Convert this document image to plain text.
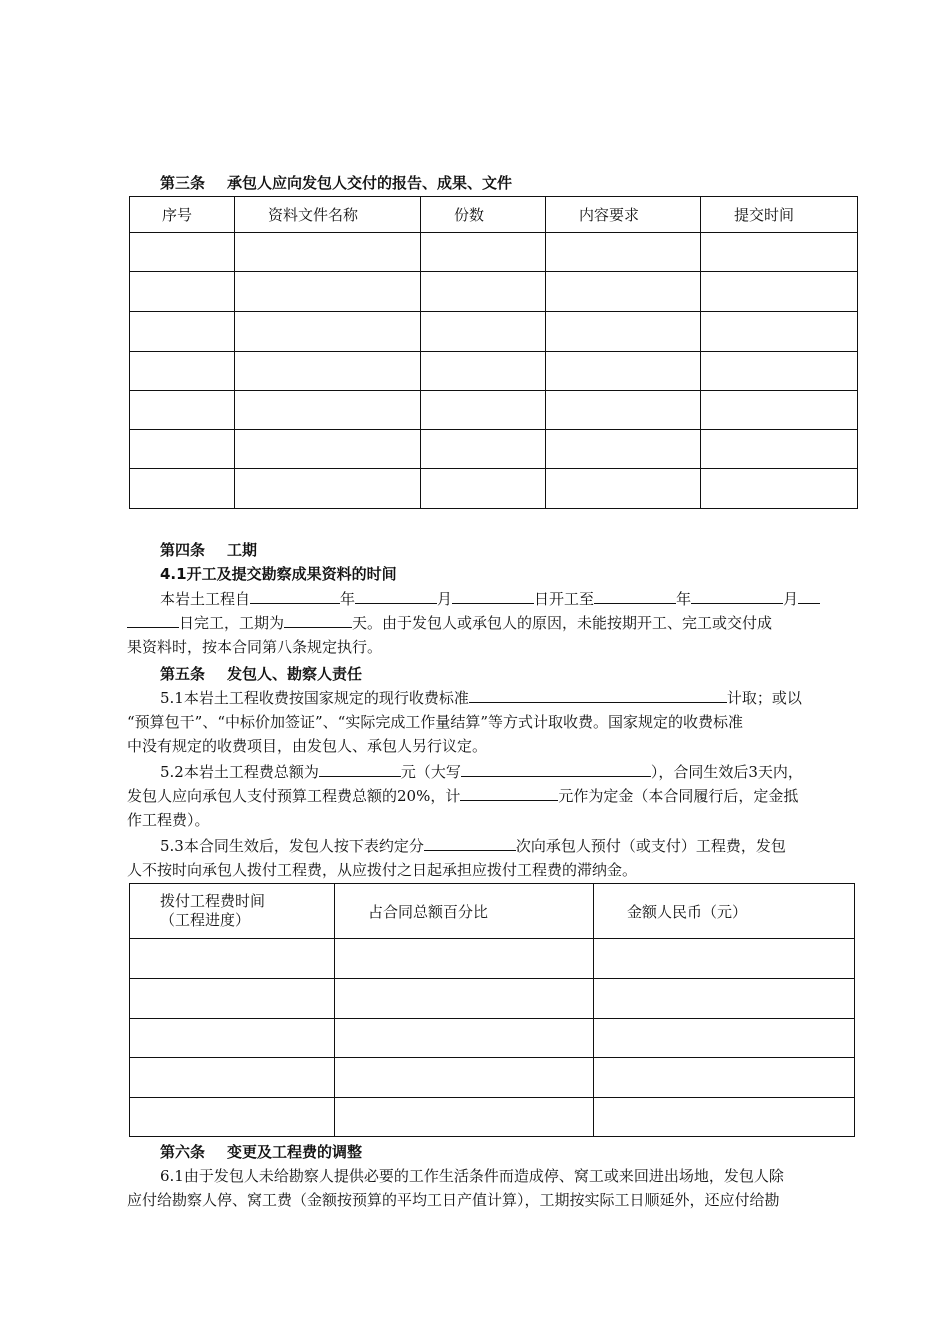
第三条 承包人应向发包人交付的报告、成果、文件
序号	资料文件名称	份数	内容要求	提交时间

第四条 工期
4.1开工及提交勘察成果资料的时间
本岩土工程自	年	月	日开工至	年	月
日完工，工期为	天。由于发包人或承包人的原因，未能按期开工、完工或交付成
果资料时，按本合同第八条规定执行。
第五条 发包人、勘察人责任
5.1本岩土工程收费按国家规定的现行收费标准	计取；或以
“预算包干”、“中标价加签证”、“实际完成工作量结算”等方式计取收费。国家规定的收费标准
中没有规定的收费项目，由发包人、承包人另行议定。
5.2本岩土工程费总额为	元（大写	），合同生效后3天内，
发包人应向承包人支付预算工程费总额的20%，计	元作为定金（本合同履行后，定金抵
作工程费）。
5.3本合同生效后，发包人按下表约定分	次向承包人预付（或支付）工程费，发包
人不按时向承包人拨付工程费，从应拨付之日起承担应拨付工程费的滞纳金。
拨付工程费时间
（工程进度）	占合同总额百分比	金额人民币（元）

第六条 变更及工程费的调整
6.1由于发包人未给勘察人提供必要的工作生活条件而造成停、窝工或来回进出场地，发包人除
应付给勘察人停、窝工费（金额按预算的平均工日产值计算），工期按实际工日顺延外，还应付给勘
